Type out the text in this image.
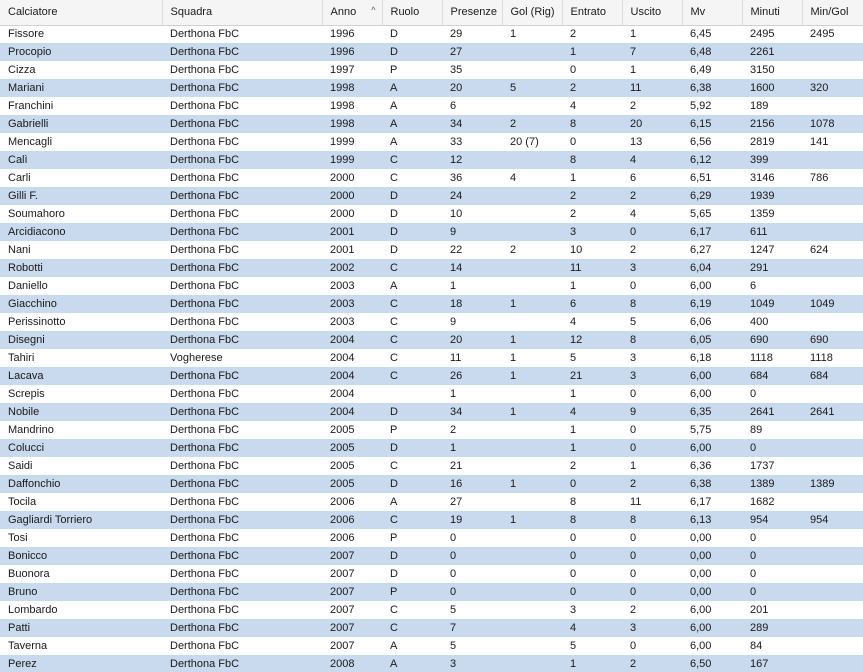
Calciatore	Squadra	Anno ^	Ruolo	Presenze	Gol (Rig)	Entrato	Uscito	Mv	Minuti	Min/Gol
Fissore	Derthona FbC	1996	D	29	1	2	1	6,45	2495	2495
Procopio	Derthona FbC	1996	D	27		1	7	6,48	2261	
Cizza	Derthona FbC	1997	P	35		0	1	6,49	3150	
Mariani	Derthona FbC	1998	A	20	5	2	11	6,38	1600	320
Franchini	Derthona FbC	1998	A	6		4	2	5,92	189	
Gabrielli	Derthona FbC	1998	A	34	2	8	20	6,15	2156	1078
Mencagli	Derthona FbC	1999	A	33	20 (7)	0	13	6,56	2819	141
Calì	Derthona FbC	1999	C	12		8	4	6,12	399	
Carli	Derthona FbC	2000	C	36	4	1	6	6,51	3146	786
Gilli F.	Derthona FbC	2000	D	24		2	2	6,29	1939	
Soumahoro	Derthona FbC	2000	D	10		2	4	5,65	1359	
Arcidiacono	Derthona FbC	2001	D	9		3	0	6,17	611	
Nani	Derthona FbC	2001	D	22	2	10	2	6,27	1247	624
Robotti	Derthona FbC	2002	C	14		11	3	6,04	291	
Daniello	Derthona FbC	2003	A	1		1	0	6,00	6	
Giacchino	Derthona FbC	2003	C	18	1	6	8	6,19	1049	1049
Perissinotto	Derthona FbC	2003	C	9		4	5	6,06	400	
Disegni	Derthona FbC	2004	C	20	1	12	8	6,05	690	690
Tahiri	Vogherese	2004	C	11	1	5	3	6,18	1118	1118
Lacava	Derthona FbC	2004	C	26	1	21	3	6,00	684	684
Screpis	Derthona FbC	2004		1		1	0	6,00	0	
Nobile	Derthona FbC	2004	D	34	1	4	9	6,35	2641	2641
Mandrino	Derthona FbC	2005	P	2		1	0	5,75	89	
Colucci	Derthona FbC	2005	D	1		1	0	6,00	0	
Saidi	Derthona FbC	2005	C	21		2	1	6,36	1737	
Daffonchio	Derthona FbC	2005	D	16	1	0	2	6,38	1389	1389
Tocila	Derthona FbC	2006	A	27		8	11	6,17	1682	
Gagliardi Torriero	Derthona FbC	2006	C	19	1	8	8	6,13	954	954
Tosi	Derthona FbC	2006	P	0		0	0	0,00	0	
Bonicco	Derthona FbC	2007	D	0		0	0	0,00	0	
Buonora	Derthona FbC	2007	D	0		0	0	0,00	0	
Bruno	Derthona FbC	2007	P	0		0	0	0,00	0	
Lombardo	Derthona FbC	2007	C	5		3	2	6,00	201	
Patti	Derthona FbC	2007	C	7		4	3	6,00	289	
Taverna	Derthona FbC	2007	A	5		5	0	6,00	84	
Perez	Derthona FbC	2008	A	3		1	2	6,50	167	
